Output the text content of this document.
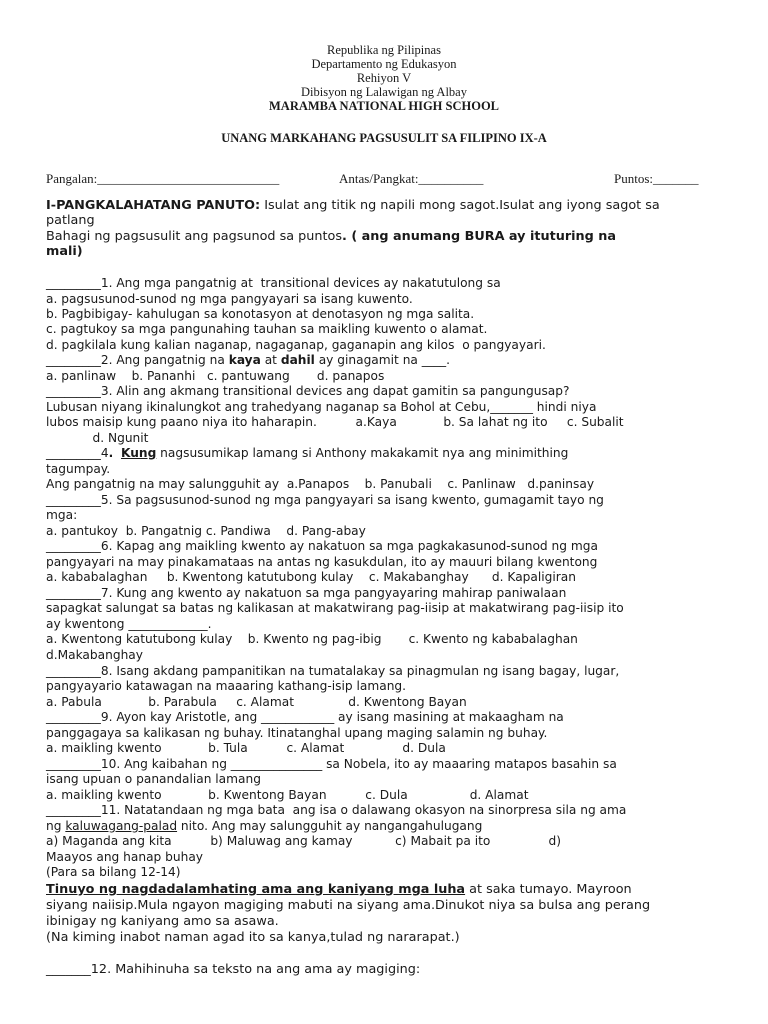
Republika ng Pilipinas
Departamento ng Edukasyon
Rehiyon V
Dibisyon ng Lalawigan ng Albay
MARAMBA NATIONAL HIGH SCHOOL
UNANG MARKAHANG PAGSUSULIT SA FILIPINO IX-A
Pangalan:____________________________	Antas/Pangkat:__________	Puntos:_______
I-PANGKALAHATANG PANUTO: Isulat ang titik ng napili mong sagot.Isulat ang iyong sagot sa
patlang
Bahagi ng pagsusulit ang pagsunod sa puntos. ( ang anumang BURA ay ituturing na
mali)
_________1. Ang mga pangatnig at  transitional devices ay nakatutulong sa
a. pagsusunod-sunod ng mga pangyayari sa isang kuwento.
b. Pagbibigay- kahulugan sa konotasyon at denotasyon ng mga salita.
c. pagtukoy sa mga pangunahing tauhan sa maikling kuwento o alamat.
d. pagkilala kung kalian naganap, nagaganap, gaganapin ang kilos  o pangyayari.
_________2. Ang pangatnig na kaya at dahil ay ginagamit na ____.
a. panlinaw    b. Pananhi   c. pantuwang       d. panapos
_________3. Alin ang akmang transitional devices ang dapat gamitin sa pangungusap?
Lubusan niyang ikinalungkot ang trahedyang naganap sa Bohol at Cebu,_______ hindi niya
lubos maisip kung paano niya ito haharapin.          a.Kaya            b. Sa lahat ng ito     c. Subalit
d. Ngunit
_________4. Kung nagsusumikap lamang si Anthony makakamit nya ang minimithing
tagumpay.
Ang pangatnig na may salungguhit ay  a.Panapos    b. Panubali    c. Panlinaw   d.paninsay
_________5. Sa pagsusunod-sunod ng mga pangyayari sa isang kwento, gumagamit tayo ng
mga:
a. pantukoy  b. Pangatnig c. Pandiwa    d. Pang-abay
_________6. Kapag ang maikling kwento ay nakatuon sa mga pagkakasunod-sunod ng mga
pangyayari na may pinakamataas na antas ng kasukdulan, ito ay mauuri bilang kwentong
a. kababalaghan     b. Kwentong katutubong kulay    c. Makabanghay      d. Kapaligiran
_________7. Kung ang kwento ay nakatuon sa mga pangyayaring mahirap paniwalaan
sapagkat salungat sa batas ng kalikasan at makatwirang pag-iisip at makatwirang pag-iisip ito
ay kwentong _____________.
a. Kwentong katutubong kulay    b. Kwento ng pag-ibig       c. Kwento ng kababalaghan
d.Makabanghay
_________8. Isang akdang pampanitikan na tumatalakay sa pinagmulan ng isang bagay, lugar,
pangyayario katawagan na maaaring kathang-isip lamang.
a. Pabula            b. Parabula     c. Alamat              d. Kwentong Bayan
_________9. Ayon kay Aristotle, ang ____________ ay isang masining at makaagham na
panggagaya sa kalikasan ng buhay. Itinatanghal upang maging salamin ng buhay.
a. maikling kwento            b. Tula          c. Alamat               d. Dula
_________10. Ang kaibahan ng _______________ sa Nobela, ito ay maaaring matapos basahin sa
isang upuan o panandalian lamang
a. maikling kwento            b. Kwentong Bayan          c. Dula                d. Alamat
_________11. Natatandaan ng mga bata  ang isa o dalawang okasyon na sinorpresa sila ng ama
ng kaluwagang-palad nito. Ang may salungguhit ay nangangahulugang
a) Maganda ang kita          b) Maluwag ang kamay           c) Mabait pa ito               d)
Maayos ang hanap buhay
(Para sa bilang 12-14)
Tinuyo ng nagdadalamhating ama ang kaniyang mga luha at saka tumayo. Mayroon
siyang naiisip.Mula ngayon magiging mabuti na siyang ama.Dinukot niya sa bulsa ang perang
ibinigay ng kaniyang amo sa asawa.
(Na kiming inabot naman agad ito sa kanya,tulad ng nararapat.)
_______12. Mahihinuha sa teksto na ang ama ay magiging:
